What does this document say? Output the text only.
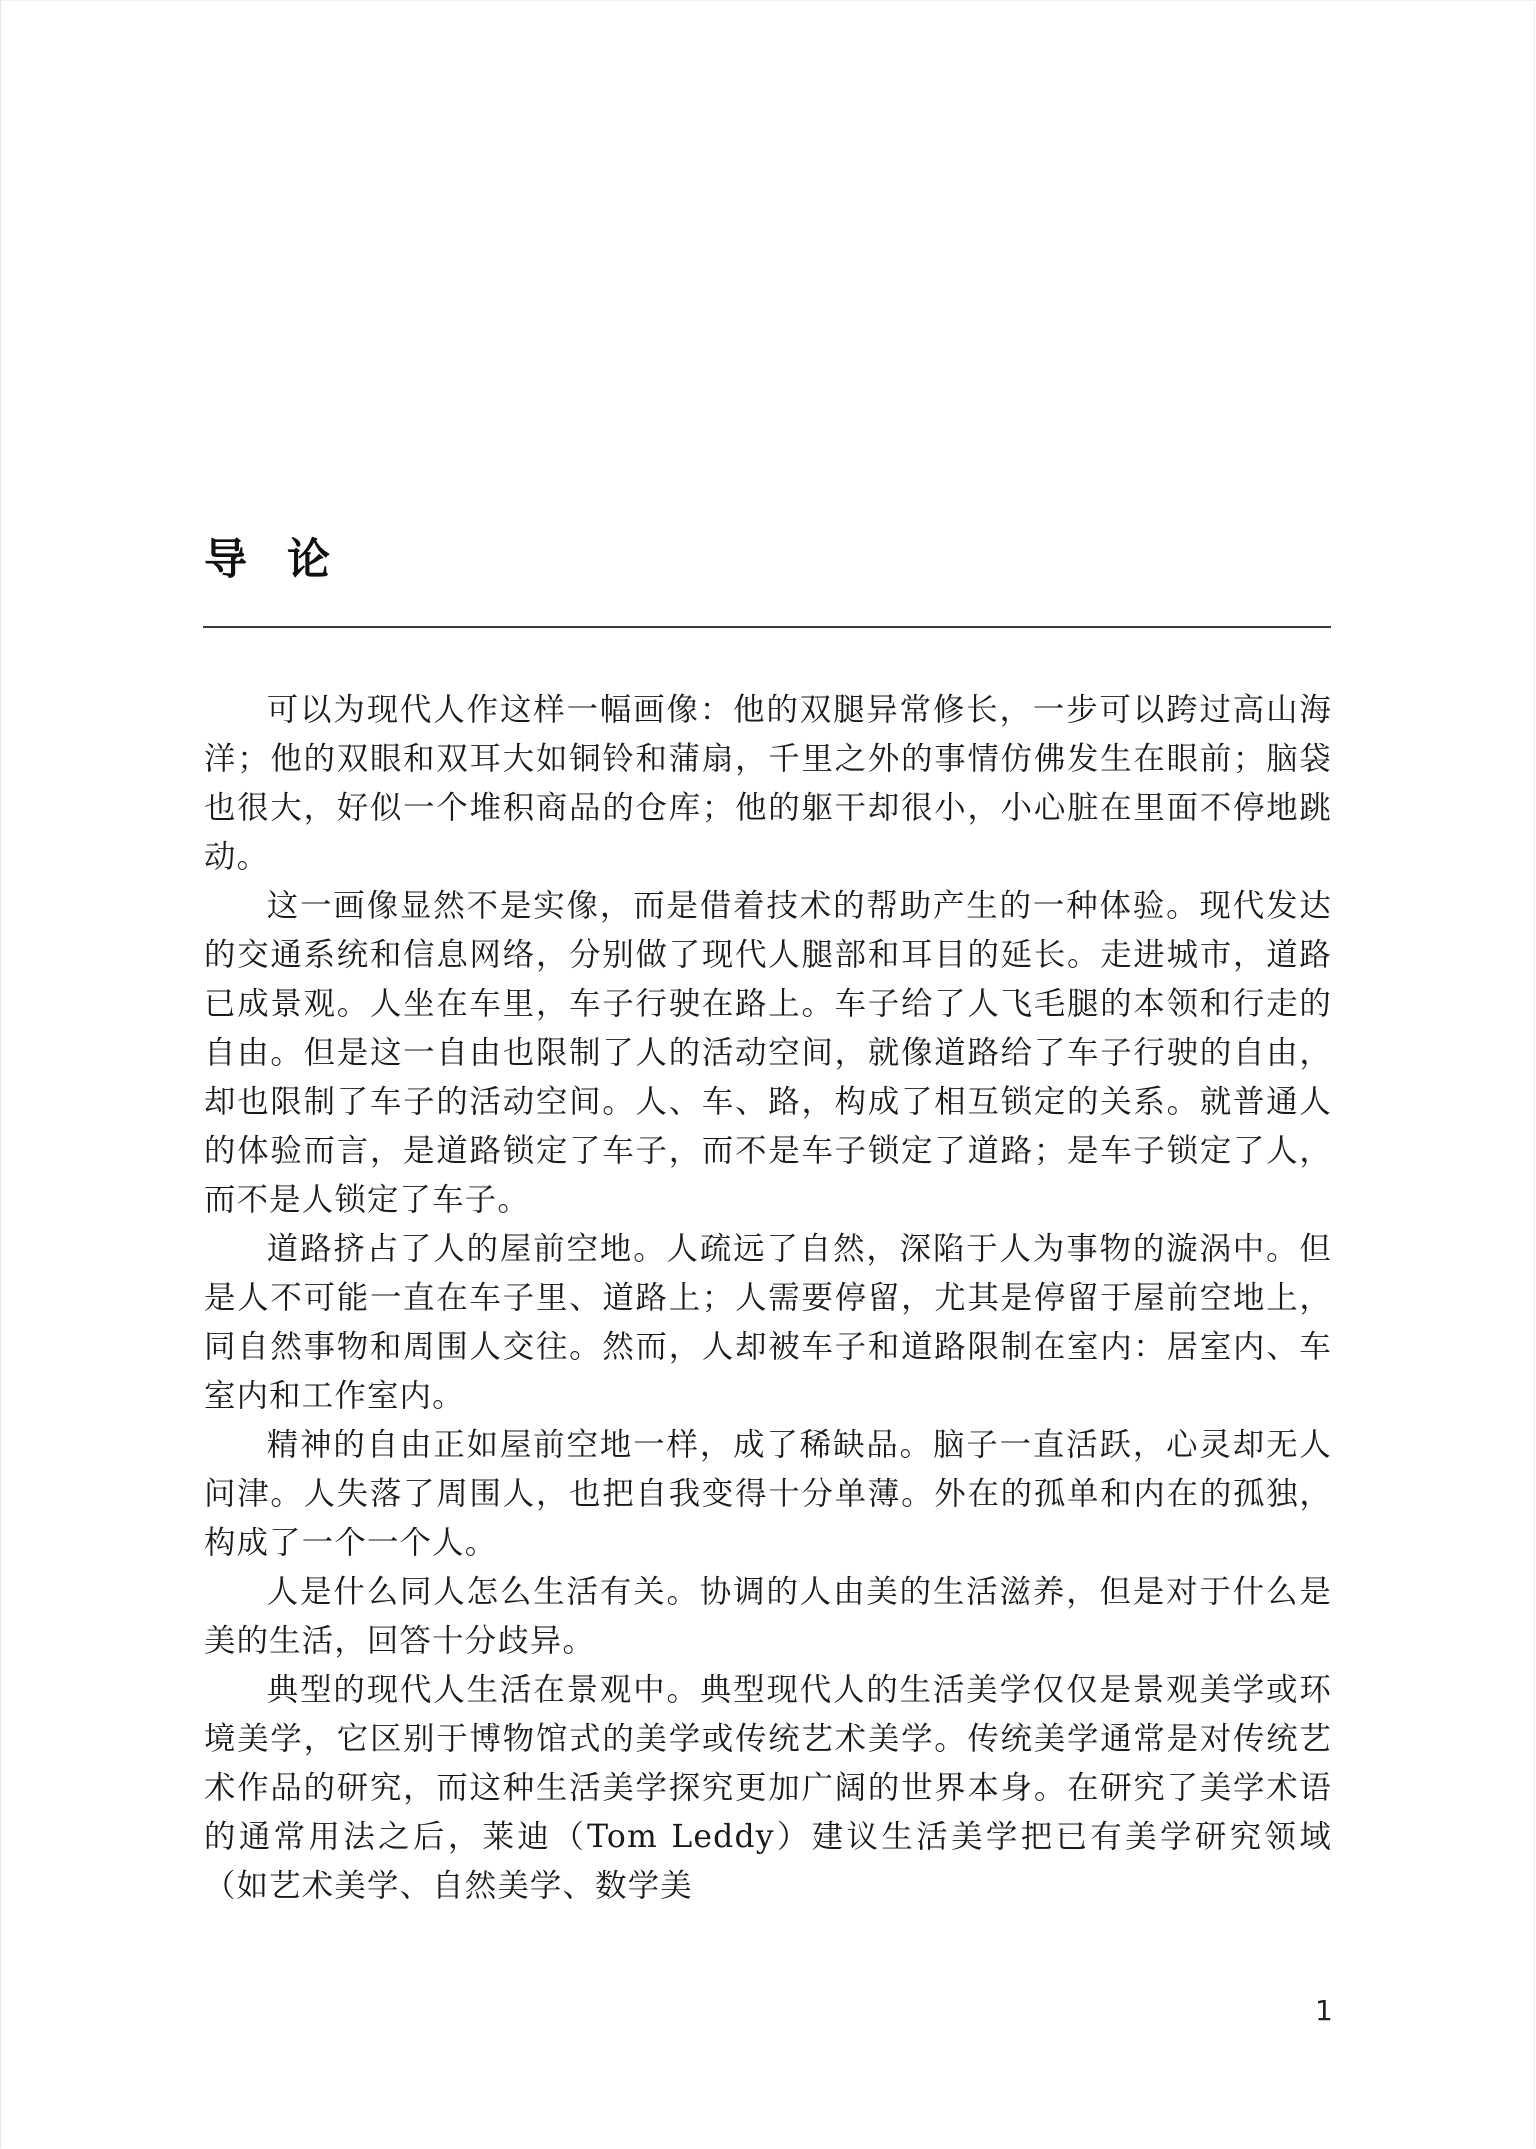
导论

可以为现代人作这样一幅画像：他的双腿异常修长，一步可以跨过高山海洋；他的双眼和双耳大如铜铃和蒲扇，千里之外的事情仿佛发生在眼前；脑袋也很大，好似一个堆积商品的仓库；他的躯干却很小，小心脏在里面不停地跳动。

这一画像显然不是实像，而是借着技术的帮助产生的一种体验。现代发达的交通系统和信息网络，分别做了现代人腿部和耳目的延长。走进城市，道路已成景观。人坐在车里，车子行驶在路上。车子给了人飞毛腿的本领和行走的自由。但是这一自由也限制了人的活动空间，就像道路给了车子行驶的自由，却也限制了车子的活动空间。人、车、路，构成了相互锁定的关系。就普通人的体验而言，是道路锁定了车子，而不是车子锁定了道路；是车子锁定了人，而不是人锁定了车子。

道路挤占了人的屋前空地。人疏远了自然，深陷于人为事物的漩涡中。但是人不可能一直在车子里、道路上；人需要停留，尤其是停留于屋前空地上，同自然事物和周围人交往。然而，人却被车子和道路限制在室内：居室内、车室内和工作室内。

精神的自由正如屋前空地一样，成了稀缺品。脑子一直活跃，心灵却无人问津。人失落了周围人，也把自我变得十分单薄。外在的孤单和内在的孤独，构成了一个一个人。

人是什么同人怎么生活有关。协调的人由美的生活滋养，但是对于什么是美的生活，回答十分歧异。

典型的现代人生活在景观中。典型现代人的生活美学仅仅是景观美学或环境美学，它区别于博物馆式的美学或传统艺术美学。传统美学通常是对传统艺术作品的研究，而这种生活美学探究更加广阔的世界本身。在研究了美学术语的通常用法之后，莱迪（Tom Leddy）建议生活美学把已有美学研究领域（如艺术美学、自然美学、数学美

1
